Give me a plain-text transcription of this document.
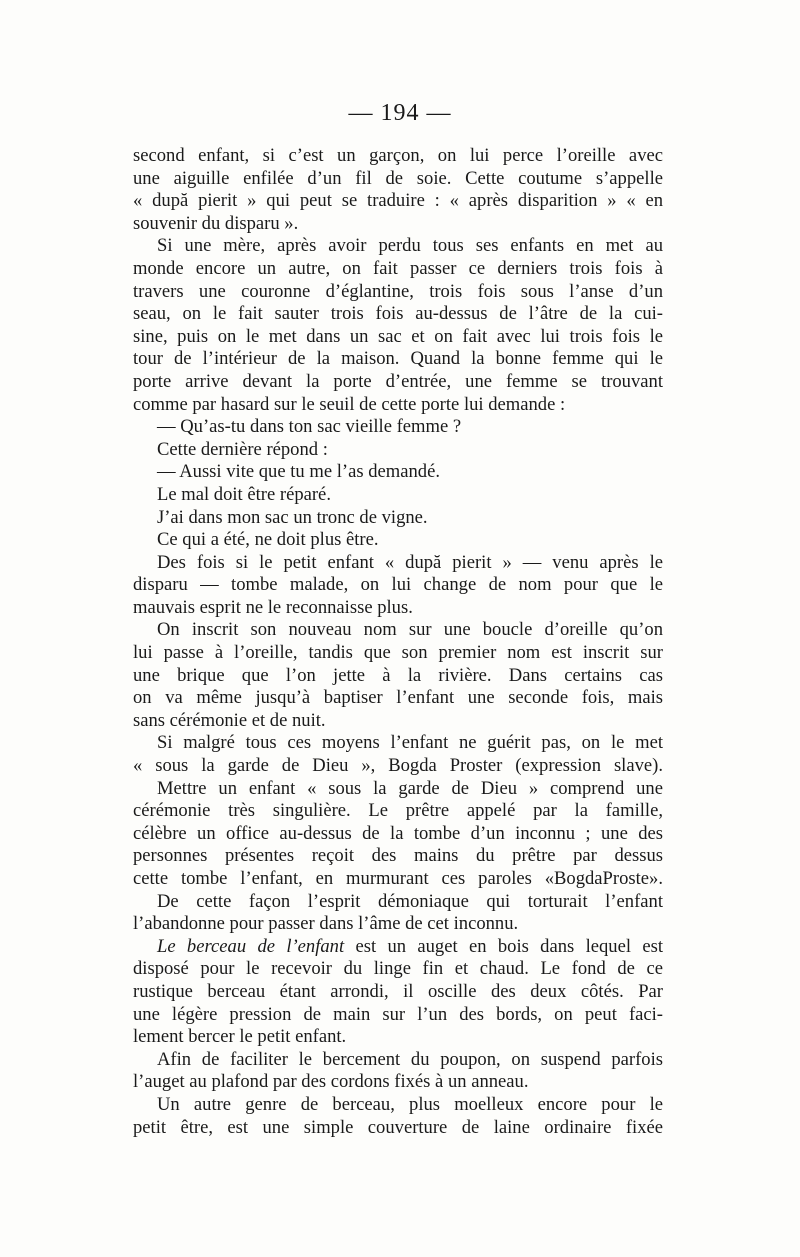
— 194 —
second enfant, si c’est un garçon, on lui perce l’oreille avec
une aiguille enfilée d’un fil de soie. Cette coutume s’appelle
« după pierit » qui peut se traduire : « après disparition » « en
souvenir du disparu ».
Si une mère, après avoir perdu tous ses enfants en met au
monde encore un autre, on fait passer ce derniers trois fois à
travers une couronne d’églantine, trois fois sous l’anse d’un
seau, on le fait sauter trois fois au-dessus de l’âtre de la cui-
sine, puis on le met dans un sac et on fait avec lui trois fois le
tour de l’intérieur de la maison. Quand la bonne femme qui le
porte arrive devant la porte d’entrée, une femme se trouvant
comme par hasard sur le seuil de cette porte lui demande :
— Qu’as-tu dans ton sac vieille femme ?
Cette dernière répond :
— Aussi vite que tu me l’as demandé.
Le mal doit être réparé.
J’ai dans mon sac un tronc de vigne.
Ce qui a été, ne doit plus être.
Des fois si le petit enfant « după pierit » — venu après le
disparu — tombe malade, on lui change de nom pour que le
mauvais esprit ne le reconnaisse plus.
On inscrit son nouveau nom sur une boucle d’oreille qu’on
lui passe à l’oreille, tandis que son premier nom est inscrit sur
une brique que l’on jette à la rivière. Dans certains cas
on va même jusqu’à baptiser l’enfant une seconde fois, mais
sans cérémonie et de nuit.
Si malgré tous ces moyens l’enfant ne guérit pas, on le met
« sous la garde de Dieu », Bogda Proster (expression slave).
Mettre un enfant « sous la garde de Dieu » comprend une
cérémonie très singulière. Le prêtre appelé par la famille,
célèbre un office au-dessus de la tombe d’un inconnu ; une des
personnes présentes reçoit des mains du prêtre par dessus
cette tombe l’enfant, en murmurant ces paroles «BogdaProste».
De cette façon l’esprit démoniaque qui torturait l’enfant
l’abandonne pour passer dans l’âme de cet inconnu.
Le berceau de l’enfant est un auget en bois dans lequel est
disposé pour le recevoir du linge fin et chaud. Le fond de ce
rustique berceau étant arrondi, il oscille des deux côtés. Par
une légère pression de main sur l’un des bords, on peut faci-
lement bercer le petit enfant.
Afin de faciliter le bercement du poupon, on suspend parfois
l’auget au plafond par des cordons fixés à un anneau.
Un autre genre de berceau, plus moelleux encore pour le
petit être, est une simple couverture de laine ordinaire fixée
